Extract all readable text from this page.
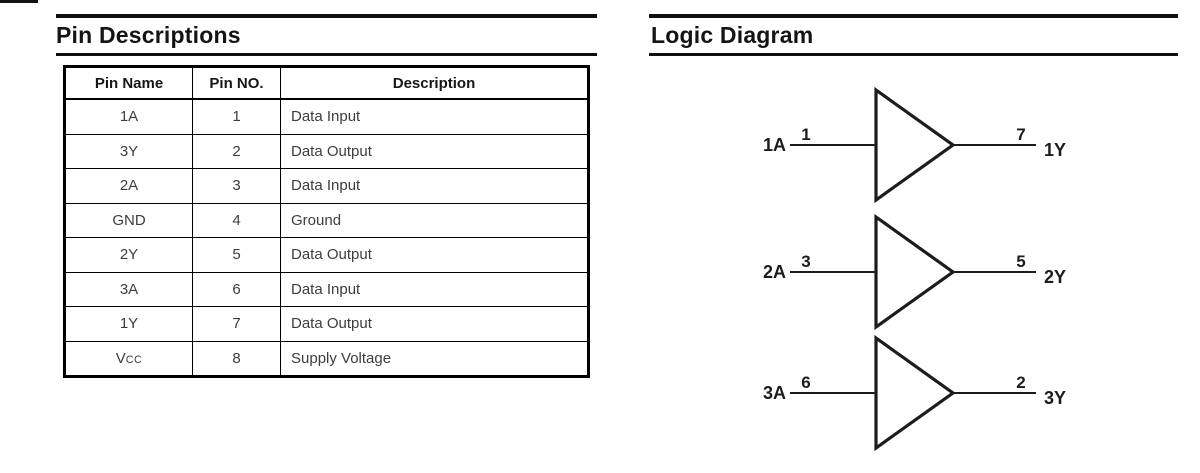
Pin Descriptions	Logic Diagram
Pin Name	Pin NO.	Description
1A	1	Data Input
3Y	2	Data Output
2A	3	Data Input
GND	4	Ground
2Y	5	Data Output
3A	6	Data Input
1Y	7	Data Output
VCC	8	Supply Voltage
1A
1	7
1Y
2A
3	5
2Y
3A
6	2
3Y
